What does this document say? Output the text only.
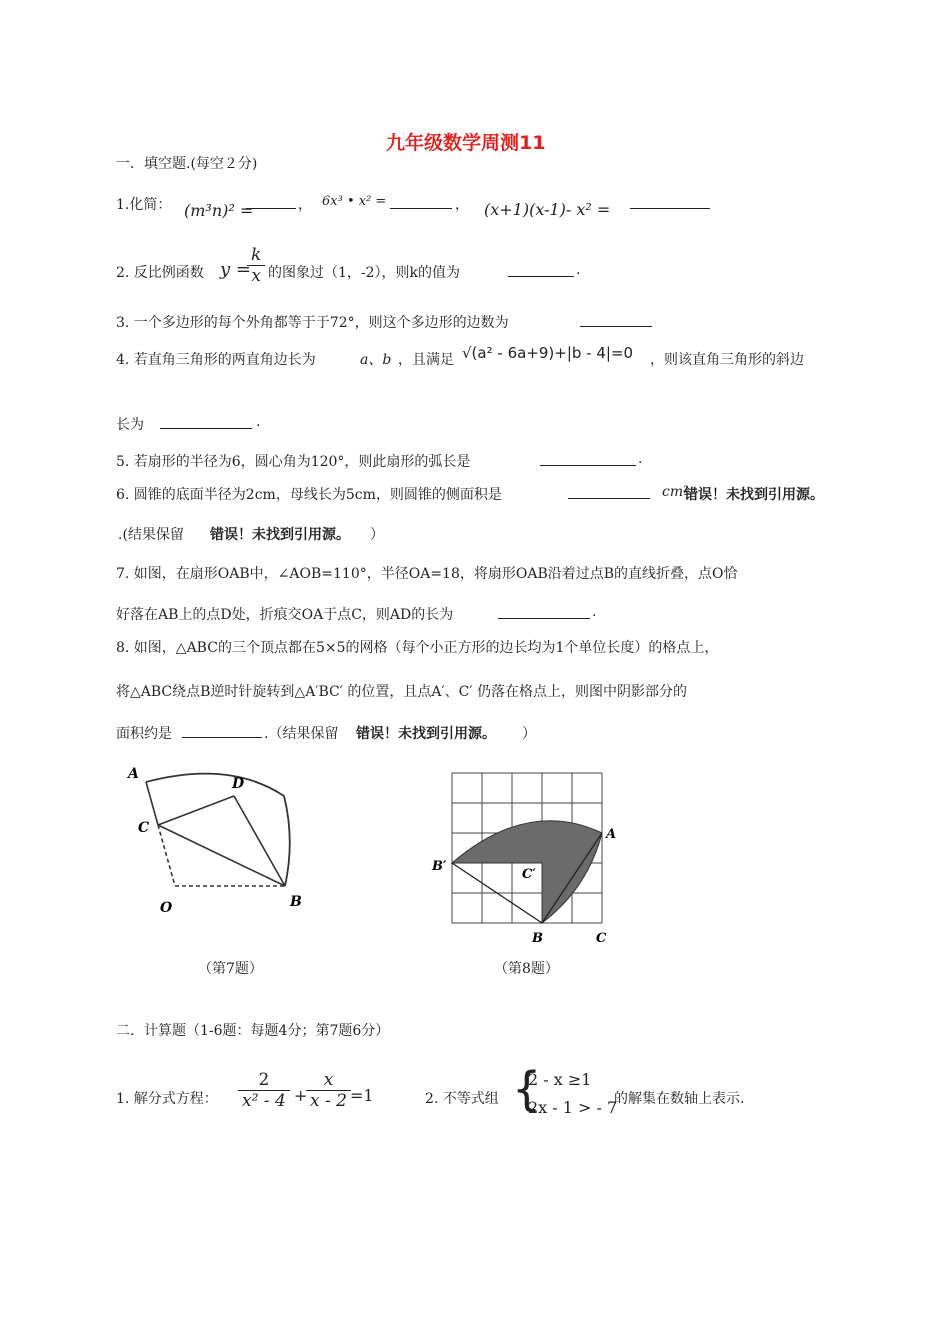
九年级数学周测11
一．填空题.(每空２分)
1.化简： (m³n)² =	， 6x³ • x² =	， (x+1)(x-1)- x² =
2. 反比例函数 y =
$\frac{k}{x}$ 的图象过（1，-2），则k的值为	.
3. 一个多边形的每个外角都等于于72°，则这个多边形的边数为
4. 若直角三角形的两直角边长为	a、b ，且满足 √(a² - 6a+9)+|b - 4|=0 ，则该直角三角形的斜边
长为	.
5. 若扇形的半径为6，圆心角为120°，则此扇形的弧长是	.
6. 圆锥的底面半径为2cm，母线长为5cm，则圆锥的侧面积是	cm²
错误！未找到引用源。
.(结果保留 错误！未找到引用源。 ）
7. 如图，在扇形OAB中，∠AOB=110°，半径OA=18，将扇形OAB沿着过点B的直线折叠，点O恰
好落在AB上的点D处，折痕交OA于点C，则AD的长为	.
8. 如图，△ABC的三个顶点都在5×5的网格（每个小正方形的边长均为1个单位长度）的格点上，
将△ABC绕点B逆时针旋转到△A′BC′ 的位置，且点A′、C′ 仍落在格点上，则图中阴影部分的
面积约是	.（结果保留 错误！未找到引用源。 ）
A
D
C
O	B
（第7题）
B′
A
C′
B	C
（第8题）
二．计算题（1-6题：每题4分；第7题6分）
1. 解分式方程： $\frac{2}{\text{x² - 4}}$ +
$\frac{x}{x - 2} =1$	2. 不等式组 {
2 - x ≥1
2x - 1 > - 7
的解集在数轴上表示.
